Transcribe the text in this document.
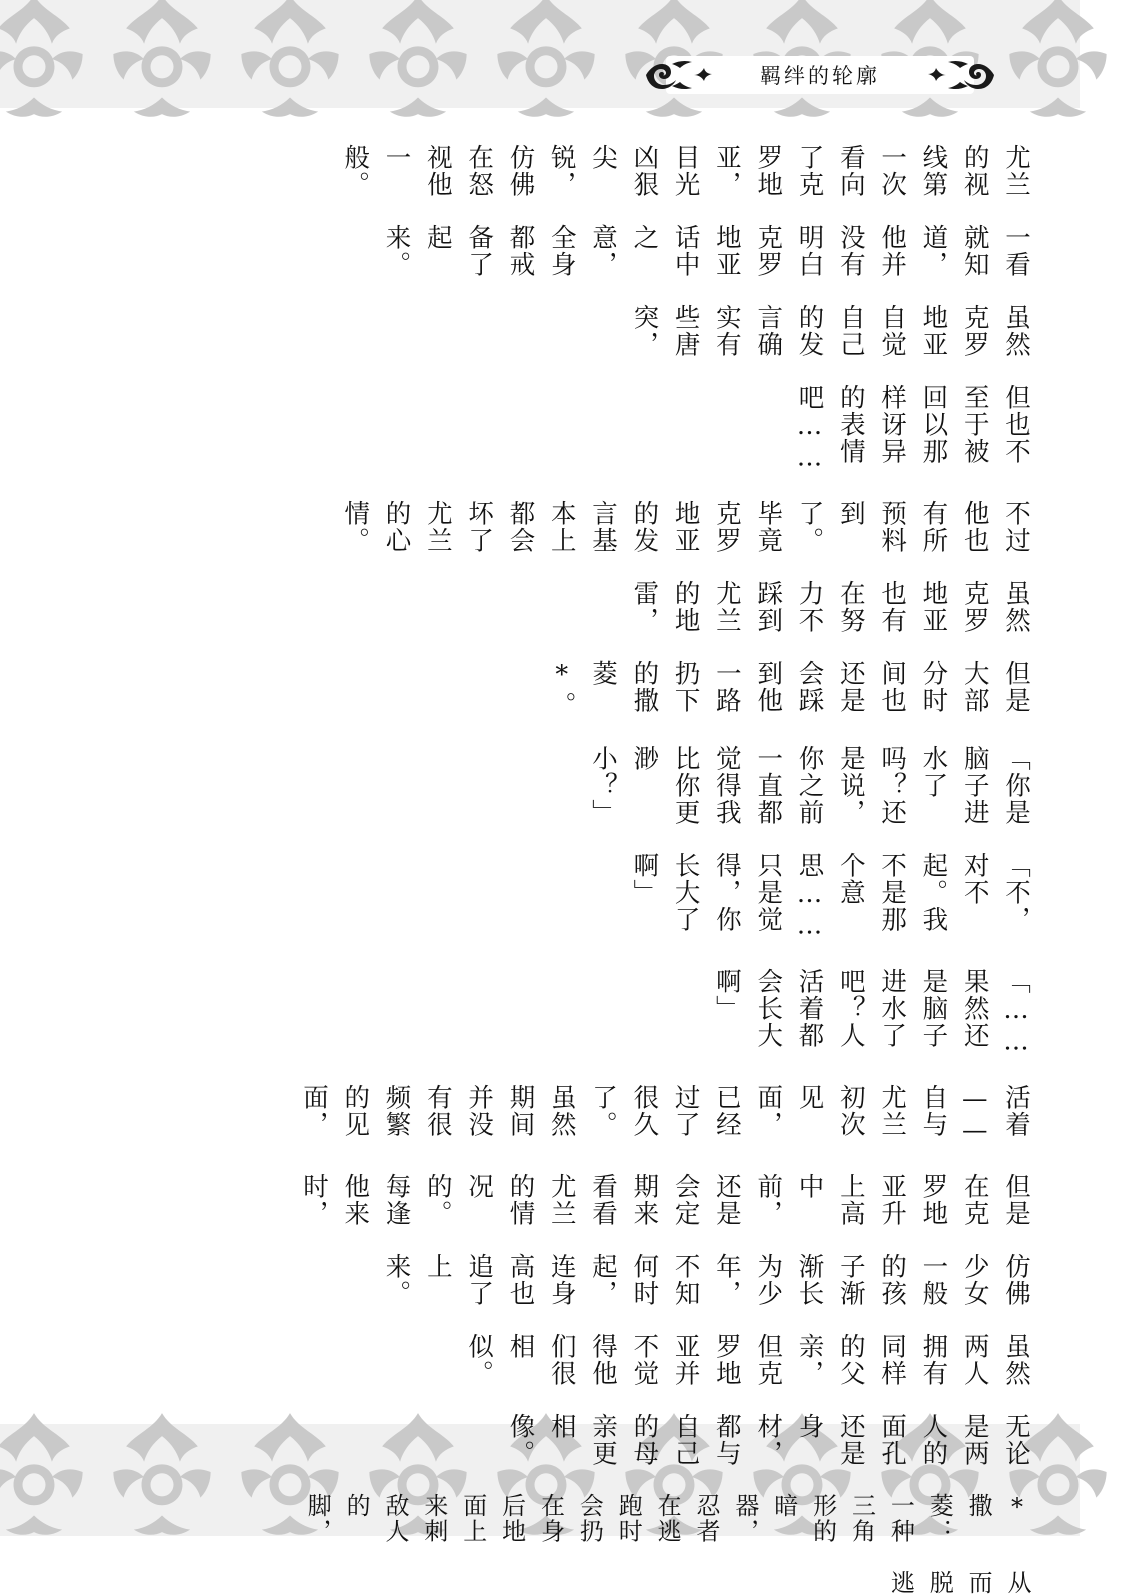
羁绊的轮廓

尤兰的视线第一次看向了克罗地亚，目光凶狠尖锐，仿佛在怒视他一般。

一看就知道，他并没有明白克罗地亚话中之意，全身都戒备了起来。

虽然克罗地亚自觉自己的发言确实有些唐突，

但也不至于被回以那样讶异的表情吧……

不过他也有所预料到了。毕竟克罗地亚的发言基本上都会坏了尤兰的心情。

虽然克罗地亚也有在努力不踩到尤兰的地雷，

但是大部分时间也还是会踩到他一路扔下的撒菱*。

「你是脑子进水了吗？还是说，你之前一直都觉得我比你更渺小？」

「不，对不起。我不是那个意思……只是觉得，你长大了啊」

「……果然还是脑子进水了吧？人活着都会长大啊」

活着——自与尤兰初次见面，已经过了很久了。虽然期间并没有很频繁的见面，

但是在克罗地亚升上高中前，还是会定期来看看尤兰的情况的。每逢他来时，

仿佛少女一般的孩子渐渐长为少年，不知何时起，连身高也追了上来。

虽然两人拥有同样的父亲，但克罗地亚并不觉得他们很相似。

无论是两人的面孔还是身材，都与自己的母亲更相像。

*撒菱：一种三角形的暗器，忍者在逃跑时会扔在身后地面上来刺敌人的脚，

从而脱逃
